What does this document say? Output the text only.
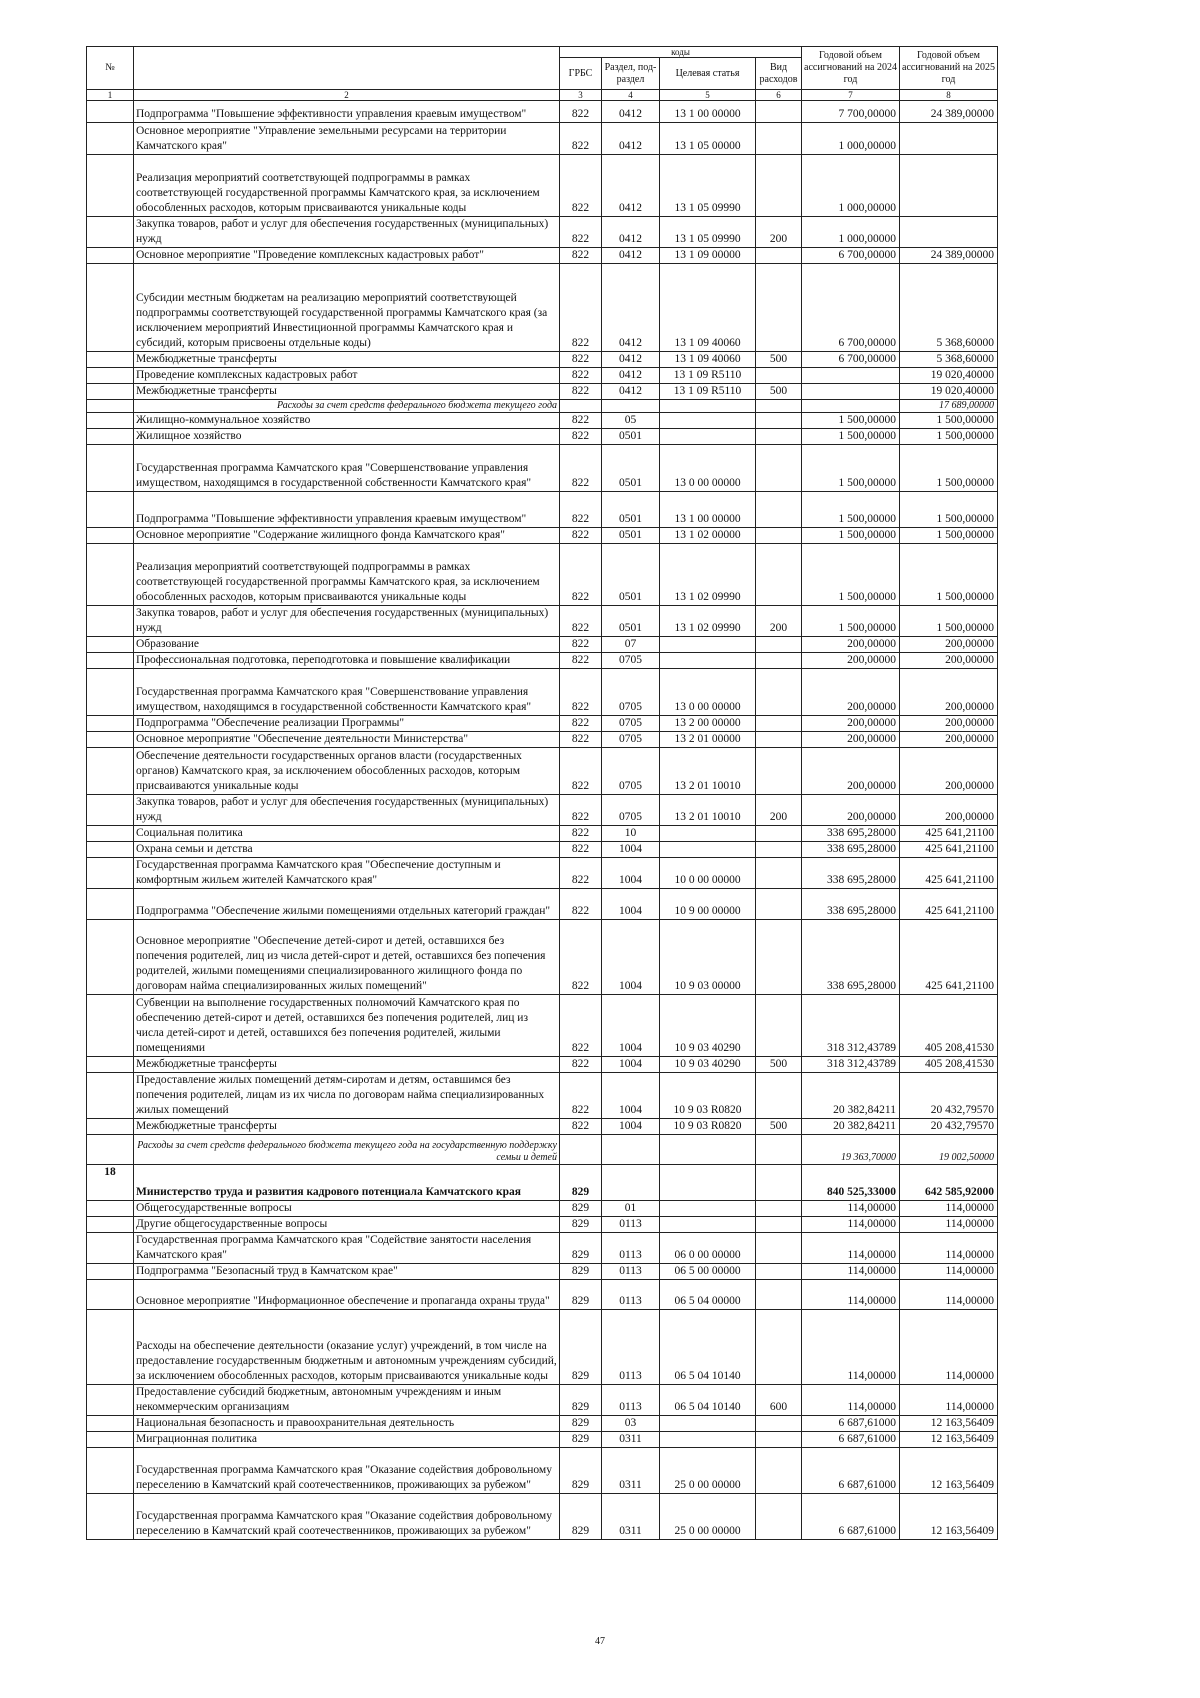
№		коды				Годовой объем ассигнований на 2024 год	Годовой объем ассигнований на 2025 год
		ГРБС	Раздел, под-раздел	Целевая статья	Вид расходов		
1	2	3	4	5	6	7	8
	Подпрограмма "Повышение эффективности управления краевым имуществом"	822	0412	13 1 00 00000		7 700,00000	24 389,00000
	Основное мероприятие "Управление земельными ресурсами на территории Камчатского края"	822	0412	13 1 05 00000		1 000,00000	
	Реализация мероприятий соответствующей подпрограммы в рамках соответствующей государственной программы Камчатского края, за исключением обособленных расходов, которым присваиваются уникальные коды	822	0412	13 1 05 09990		1 000,00000	
	Закупка товаров, работ и услуг для обеспечения государственных (муниципальных) нужд	822	0412	13 1 05 09990	200	1 000,00000	
	Основное мероприятие "Проведение комплексных кадастровых работ"	822	0412	13 1 09 00000		6 700,00000	24 389,00000
	Субсидии местным бюджетам на реализацию мероприятий соответствующей подпрограммы соответствующей государственной программы Камчатского края (за исключением мероприятий Инвестиционной программы Камчатского края и субсидий, которым присвоены отдельные коды)	822	0412	13 1 09 40060		6 700,00000	5 368,60000
	Межбюджетные трансферты	822	0412	13 1 09 40060	500	6 700,00000	5 368,60000
	Проведение комплексных кадастровых работ	822	0412	13 1 09 R5110			19 020,40000
	Межбюджетные трансферты	822	0412	13 1 09 R5110	500		19 020,40000
	Расходы за счет средств федерального бюджета текущего года						17 689,00000
	Жилищно-коммунальное хозяйство	822	05			1 500,00000	1 500,00000
	Жилищное хозяйство	822	0501			1 500,00000	1 500,00000
	Государственная программа Камчатского края "Совершенствование управления имуществом, находящимся в государственной собственности Камчатского края"	822	0501	13 0 00 00000		1 500,00000	1 500,00000
	Подпрограмма "Повышение эффективности управления краевым имуществом"	822	0501	13 1 00 00000		1 500,00000	1 500,00000
	Основное мероприятие "Содержание жилищного фонда Камчатского края"	822	0501	13 1 02 00000		1 500,00000	1 500,00000
	Реализация мероприятий соответствующей подпрограммы в рамках соответствующей государственной программы Камчатского края, за исключением обособленных расходов, которым присваиваются уникальные коды	822	0501	13 1 02 09990		1 500,00000	1 500,00000
	Закупка товаров, работ и услуг для обеспечения государственных (муниципальных) нужд	822	0501	13 1 02 09990	200	1 500,00000	1 500,00000
	Образование	822	07			200,00000	200,00000
	Профессиональная подготовка, переподготовка и повышение квалификации	822	0705			200,00000	200,00000
	Государственная программа Камчатского края "Совершенствование управления имуществом, находящимся в государственной собственности Камчатского края"	822	0705	13 0 00 00000		200,00000	200,00000
	Подпрограмма "Обеспечение реализации Программы"	822	0705	13 2 00 00000		200,00000	200,00000
	Основное мероприятие "Обеспечение деятельности Министерства"	822	0705	13 2 01 00000		200,00000	200,00000
	Обеспечение деятельности государственных органов власти (государственных органов) Камчатского края, за исключением обособленных расходов, которым присваиваются уникальные коды	822	0705	13 2 01 10010		200,00000	200,00000
	Закупка товаров, работ и услуг для обеспечения государственных (муниципальных) нужд	822	0705	13 2 01 10010	200	200,00000	200,00000
	Социальная политика	822	10			338 695,28000	425 641,21100
	Охрана семьи и детства	822	1004			338 695,28000	425 641,21100
	Государственная программа Камчатского края "Обеспечение доступным и комфортным жильем жителей Камчатского края"	822	1004	10 0 00 00000		338 695,28000	425 641,21100
	Подпрограмма "Обеспечение жилыми помещениями отдельных категорий граждан"	822	1004	10 9 00 00000		338 695,28000	425 641,21100
	Основное мероприятие "Обеспечение детей-сирот и детей, оставшихся без попечения родителей, лиц из числа детей-сирот и детей, оставшихся без попечения родителей, жилыми помещениями специализированного жилищного фонда по договорам найма специализированных жилых помещений"	822	1004	10 9 03 00000		338 695,28000	425 641,21100
	Субвенции на выполнение государственных полномочий Камчатского края по обеспечению детей-сирот и детей, оставшихся без попечения родителей, лиц из числа детей-сирот и детей, оставшихся без попечения родителей, жилыми помещениями	822	1004	10 9 03 40290		318 312,43789	405 208,41530
	Межбюджетные трансферты	822	1004	10 9 03 40290	500	318 312,43789	405 208,41530
	Предоставление жилых помещений детям-сиротам и детям, оставшимся без попечения родителей, лицам из их числа по договорам найма специализированных жилых помещений	822	1004	10 9 03 R0820		20 382,84211	20 432,79570
	Межбюджетные трансферты	822	1004	10 9 03 R0820	500	20 382,84211	20 432,79570
	Расходы за счет средств федерального бюджета текущего года на государственную поддержку семьи и детей					19 363,70000	19 002,50000
18	Министерство труда и развития кадрового потенциала Камчатского края	829				840 525,33000	642 585,92000
	Общегосударственные вопросы	829	01			114,00000	114,00000
	Другие общегосударственные вопросы	829	0113			114,00000	114,00000
	Государственная программа Камчатского края "Содействие занятости населения Камчатского края"	829	0113	06 0 00 00000		114,00000	114,00000
	Подпрограмма "Безопасный труд в Камчатском крае"	829	0113	06 5 00 00000		114,00000	114,00000
	Основное мероприятие "Информационное обеспечение и пропаганда охраны труда"	829	0113	06 5 04 00000		114,00000	114,00000
	Расходы на обеспечение деятельности (оказание услуг) учреждений, в том числе на предоставление государственным бюджетным и автономным учреждениям субсидий, за исключением обособленных расходов, которым присваиваются уникальные коды	829	0113	06 5 04 10140		114,00000	114,00000
	Предоставление субсидий бюджетным, автономным учреждениям и иным некоммерческим организациям	829	0113	06 5 04 10140	600	114,00000	114,00000
	Национальная безопасность и правоохранительная деятельность	829	03			6 687,61000	12 163,56409
	Миграционная политика	829	0311			6 687,61000	12 163,56409
	Государственная программа Камчатского края "Оказание содействия добровольному переселению в Камчатский край соотечественников, проживающих за рубежом"	829	0311	25 0 00 00000		6 687,61000	12 163,56409
	Государственная программа Камчатского края "Оказание содействия добровольному переселению в Камчатский край соотечественников, проживающих за рубежом"	829	0311	25 0 00 00000		6 687,61000	12 163,56409
47
